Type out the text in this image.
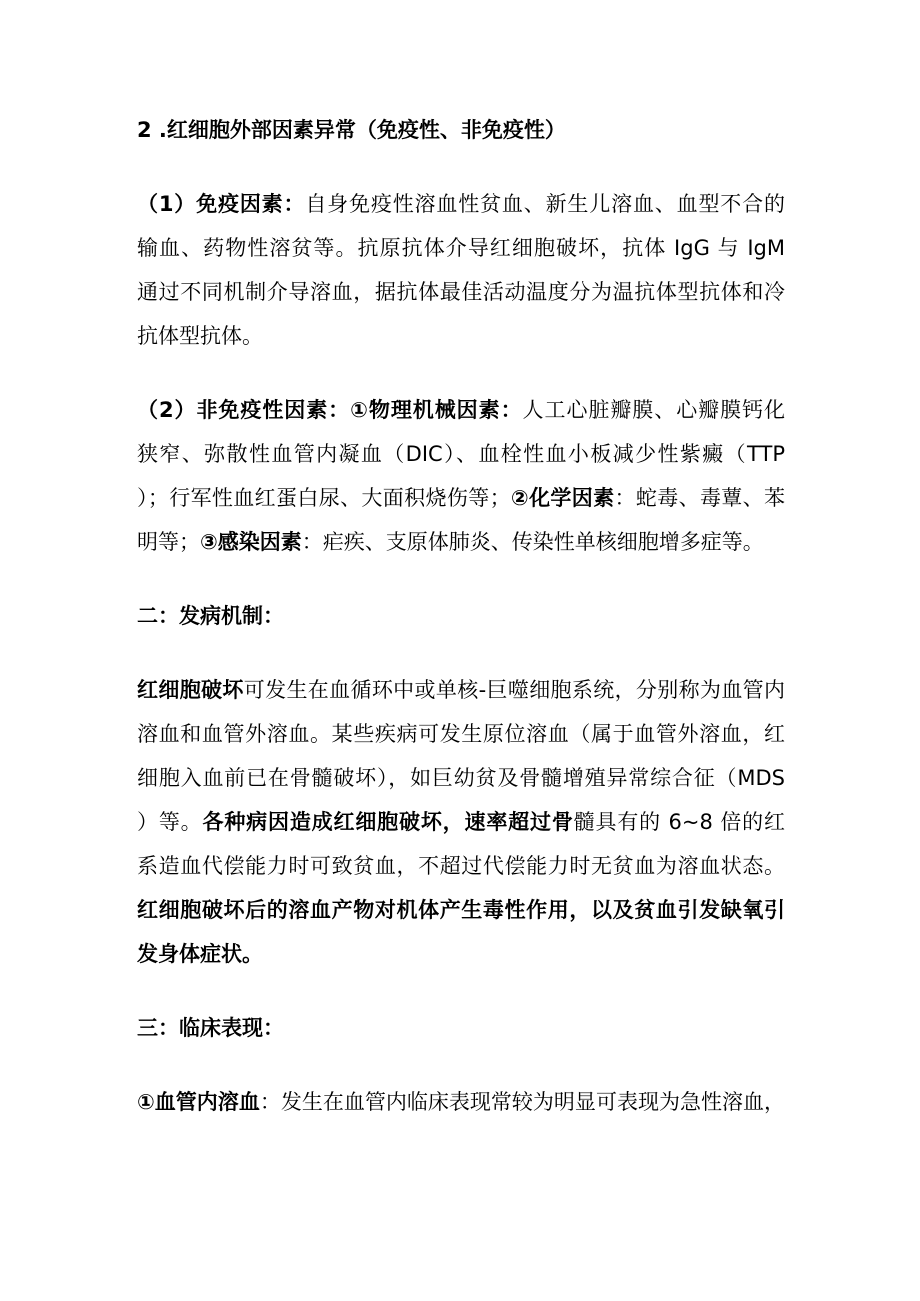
2 .红细胞外部因素异常（免疫性、非免疫性）

（1）免疫因素：自身免疫性溶血性贫血、新生儿溶血、血型不合的
输血、药物性溶贫等。抗原抗体介导红细胞破坏，抗体 IgG 与 IgM
通过不同机制介导溶血，据抗体最佳活动温度分为温抗体型抗体和冷
抗体型抗体。

（2）非免疫性因素：①物理机械因素：人工心脏瓣膜、心瓣膜钙化
狭窄、弥散性血管内凝血（DIC）、血栓性血小板减少性紫癜（TTP
）；行军性血红蛋白尿、大面积烧伤等；②化学因素：蛇毒、毒蕈、苯
明等；③感染因素：疟疾、支原体肺炎、传染性单核细胞增多症等。

二：发病机制：

红细胞破坏可发生在血循环中或单核-巨噬细胞系统，分别称为血管内
溶血和血管外溶血。某些疾病可发生原位溶血（属于血管外溶血，红
细胞入血前已在骨髓破坏），如巨幼贫及骨髓增殖异常综合征（MDS
）等。各种病因造成红细胞破坏，速率超过骨髓具有的 6~8 倍的红
系造血代偿能力时可致贫血，不超过代偿能力时无贫血为溶血状态。
红细胞破坏后的溶血产物对机体产生毒性作用，以及贫血引发缺氧引
发身体症状。

三：临床表现：

①血管内溶血：发生在血管内临床表现常较为明显可表现为急性溶血，
